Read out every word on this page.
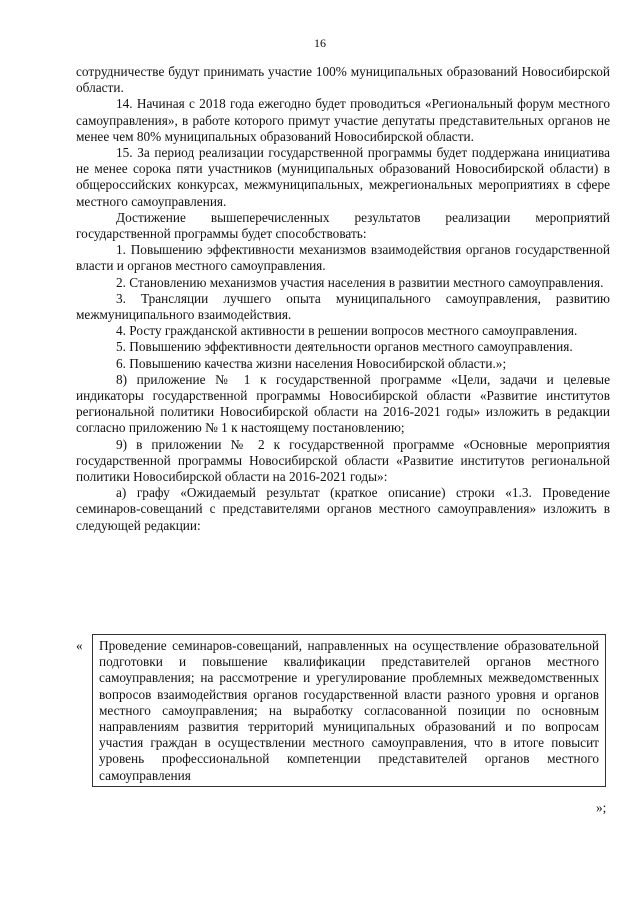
16

сотрудничестве будут принимать участие 100% муниципальных образований Новосибирской области.

14. Начиная с 2018 года ежегодно будет проводиться «Региональный форум местного самоуправления», в работе которого примут участие депутаты представительных органов не менее чем 80% муниципальных образований Новосибирской области.

15. За период реализации государственной программы будет поддержана инициатива не менее сорока пяти участников (муниципальных образований Новосибирской области) в общероссийских конкурсах, межмуниципальных, межрегиональных мероприятиях в сфере местного самоуправления.

Достижение вышеперечисленных результатов реализации мероприятий государственной программы будет способствовать:

1. Повышению эффективности механизмов взаимодействия органов государственной власти и органов местного самоуправления.

2. Становлению механизмов участия населения в развитии местного самоуправления.

3. Трансляции лучшего опыта муниципального самоуправления, развитию межмуниципального взаимодействия.

4. Росту гражданской активности в решении вопросов местного самоуправления.

5. Повышению эффективности деятельности органов местного самоуправления.

6. Повышению качества жизни населения Новосибирской области.»;

8) приложение № 1 к государственной программе «Цели, задачи и целевые индикаторы государственной программы Новосибирской области «Развитие институтов региональной политики Новосибирской области на 2016-2021 годы» изложить в редакции согласно приложению № 1 к настоящему постановлению;

9) в приложении № 2 к государственной программе «Основные мероприятия государственной программы Новосибирской области «Развитие институтов региональной политики Новосибирской области на 2016-2021 годы»:

а) графу «Ожидаемый результат (краткое описание) строки «1.3. Проведение семинаров-совещаний с представителями органов местного самоуправления» изложить в следующей редакции:

«	Проведение семинаров-совещаний, направленных на осуществление образовательной подготовки и повышение квалификации представителей органов местного самоуправления; на рассмотрение и урегулирование проблемных межведомственных вопросов взаимодействия органов государственной власти разного уровня и органов местного самоуправления; на выработку согласованной позиции по основным направлениям развития территорий муниципальных образований и по вопросам участия граждан в осуществлении местного самоуправления, что в итоге повысит уровень профессиональной компетенции представителей органов местного самоуправления
»;
